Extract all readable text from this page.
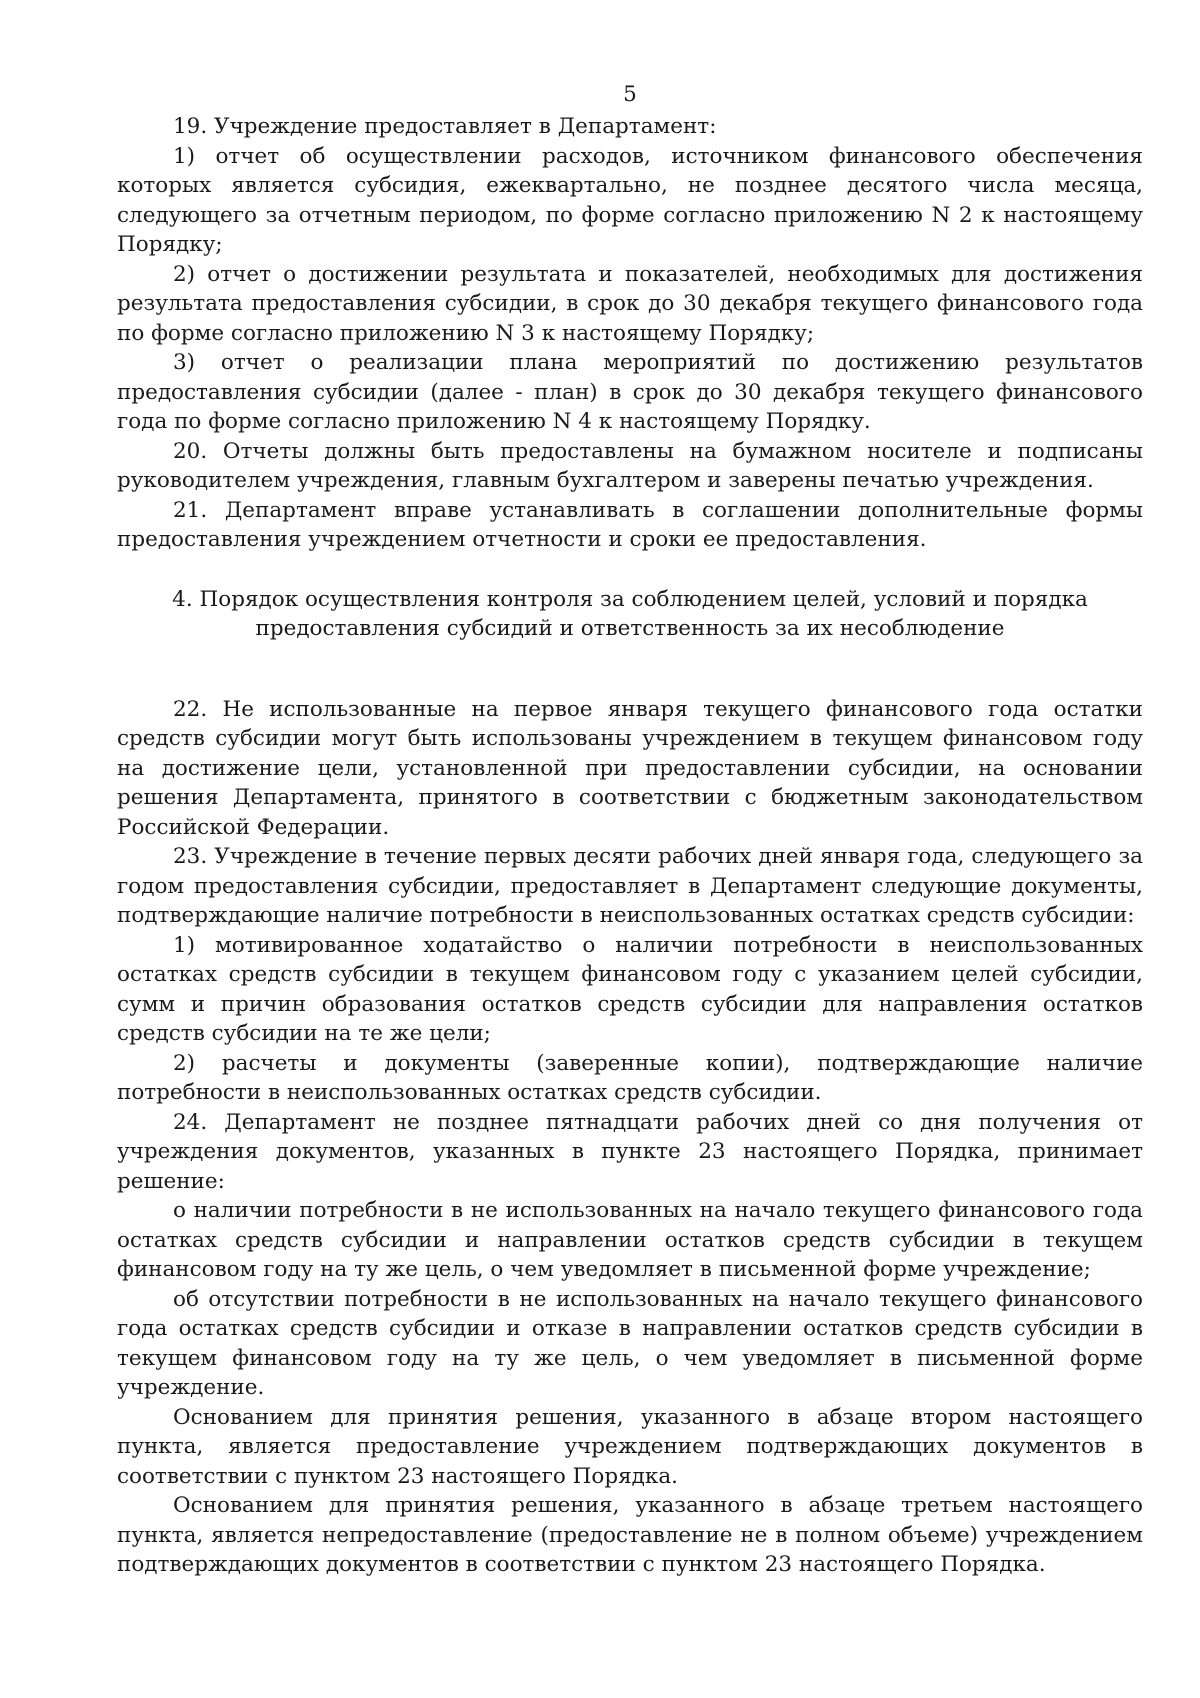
5

19. Учреждение предоставляет в Департамент:

1) отчет об осуществлении расходов, источником финансового обеспечения которых является субсидия, ежеквартально, не позднее десятого числа месяца, следующего за отчетным периодом, по форме согласно приложению N 2 к настоящему Порядку;

2) отчет о достижении результата и показателей, необходимых для достижения результата предоставления субсидии, в срок до 30 декабря текущего финансового года по форме согласно приложению N 3 к настоящему Порядку;

3) отчет о реализации плана мероприятий по достижению результатов предоставления субсидии (далее - план) в срок до 30 декабря текущего финансового года по форме согласно приложению N 4 к настоящему Порядку.

20. Отчеты должны быть предоставлены на бумажном носителе и подписаны руководителем учреждения, главным бухгалтером и заверены печатью учреждения.

21. Департамент вправе устанавливать в соглашении дополнительные формы предоставления учреждением отчетности и сроки ее предоставления.

4. Порядок осуществления контроля за соблюдением целей, условий и порядка
предоставления субсидий и ответственность за их несоблюдение

22. Не использованные на первое января текущего финансового года остатки средств субсидии могут быть использованы учреждением в текущем финансовом году на достижение цели, установленной при предоставлении субсидии, на основании решения Департамента, принятого в соответствии с бюджетным законодательством Российской Федерации.

23. Учреждение в течение первых десяти рабочих дней января года, следующего за годом предоставления субсидии, предоставляет в Департамент следующие документы, подтверждающие наличие потребности в неиспользованных остатках средств субсидии:

1) мотивированное ходатайство о наличии потребности в неиспользованных остатках средств субсидии в текущем финансовом году с указанием целей субсидии, сумм и причин образования остатков средств субсидии для направления остатков средств субсидии на те же цели;

2) расчеты и документы (заверенные копии), подтверждающие наличие потребности в неиспользованных остатках средств субсидии.

24. Департамент не позднее пятнадцати рабочих дней со дня получения от учреждения документов, указанных в пункте 23 настоящего Порядка, принимает решение:

о наличии потребности в не использованных на начало текущего финансового года остатках средств субсидии и направлении остатков средств субсидии в текущем финансовом году на ту же цель, о чем уведомляет в письменной форме учреждение;

об отсутствии потребности в не использованных на начало текущего финансового года остатках средств субсидии и отказе в направлении остатков средств субсидии в текущем финансовом году на ту же цель, о чем уведомляет в письменной форме учреждение.

Основанием для принятия решения, указанного в абзаце втором настоящего пункта, является предоставление учреждением подтверждающих документов в соответствии с пунктом 23 настоящего Порядка.

Основанием для принятия решения, указанного в абзаце третьем настоящего пункта, является непредоставление (предоставление не в полном объеме) учреждением подтверждающих документов в соответствии с пунктом 23 настоящего Порядка.
